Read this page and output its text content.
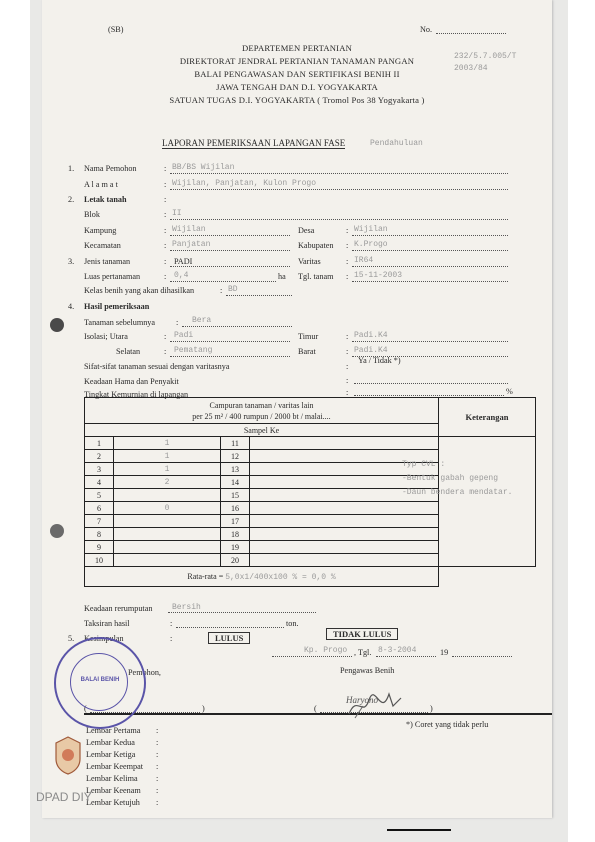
(SB)	No.
232/5.7.005/T
2003/84
DEPARTEMEN PERTANIAN
DIREKTORAT JENDRAL PERTANIAN TANAMAN PANGAN
BALAI PENGAWASAN DAN SERTIFIKASI BENIH II
JAWA TENGAH DAN D.I. YOGYAKARTA
SATUAN TUGAS D.I. YOGYAKARTA ( Tromol Pos 38 Yogyakarta )
LAPORAN PEMERIKSAAN LAPANGAN FASE	Pendahuluan
1. Nama Pemohon	: BB/BS Wijilan
A l a m a t	: Wijilan, Panjatan, Kulon Progo
2. Letak tanah	:
Blok	: II
Kampung	: Wijilan	Desa	: Wijilan
Kecamatan	: Panjatan	Kabupaten : K.Progo
3. Jenis tanaman	: PADI	Varitas	: IR64
Luas pertanaman	: 0,4	ha Tgl. tanam : 15-11-2003
Kelas benih yang akan dihasilkan	: BD
4. Hasil pemeriksaan
Tanaman sebelumnya	: Bera
Isolasi; Utara	: Padi	Timur	: Padi.K4
Selatan	: Pematang	Barat	: Padi.K4
Sifat-sifat tanaman sesuai dengan varitasnya	:
Ya / Tidak *)
Keadaan Hama dan Penyakit	:
Tingkat Kemurnian di lapangan	:	%
Campuran tanaman / varitas lain
per 25 m² / 400 rumpun / 2000 bt / malai....				Keterangan
Sampel Ke				
1	1	11		
2	1	12		
3	1	13		
4	2	14		
5		15		
6	0	16		
7		17		
8		18		
9		19		
10		20		
Rata-rata = 5,0x1/400x100 % = 0,0 %				
Typ CVL :
-Bentuk gabah gepeng
-Daun bendera mendatar.
Keadaan rerumputan Bersih
Taksiran hasil	:	ton.
5. Kesimpulan	:	LULUS	TIDAK LULUS
Kp. Progo , Tgl. 8-3-2004	19
Pemohon,	Pengawas Benih
(	)	(	)
Haryono
*) Coret yang tidak perlu
Lembar Pertama
Lembar Kedua
Lembar Ketiga
Lembar Keempat
Lembar Kelima
Lembar Keenam
Lembar Ketujuh
:
:
:
:
:
:
:
BALAI BENIH
DPAD DIY
